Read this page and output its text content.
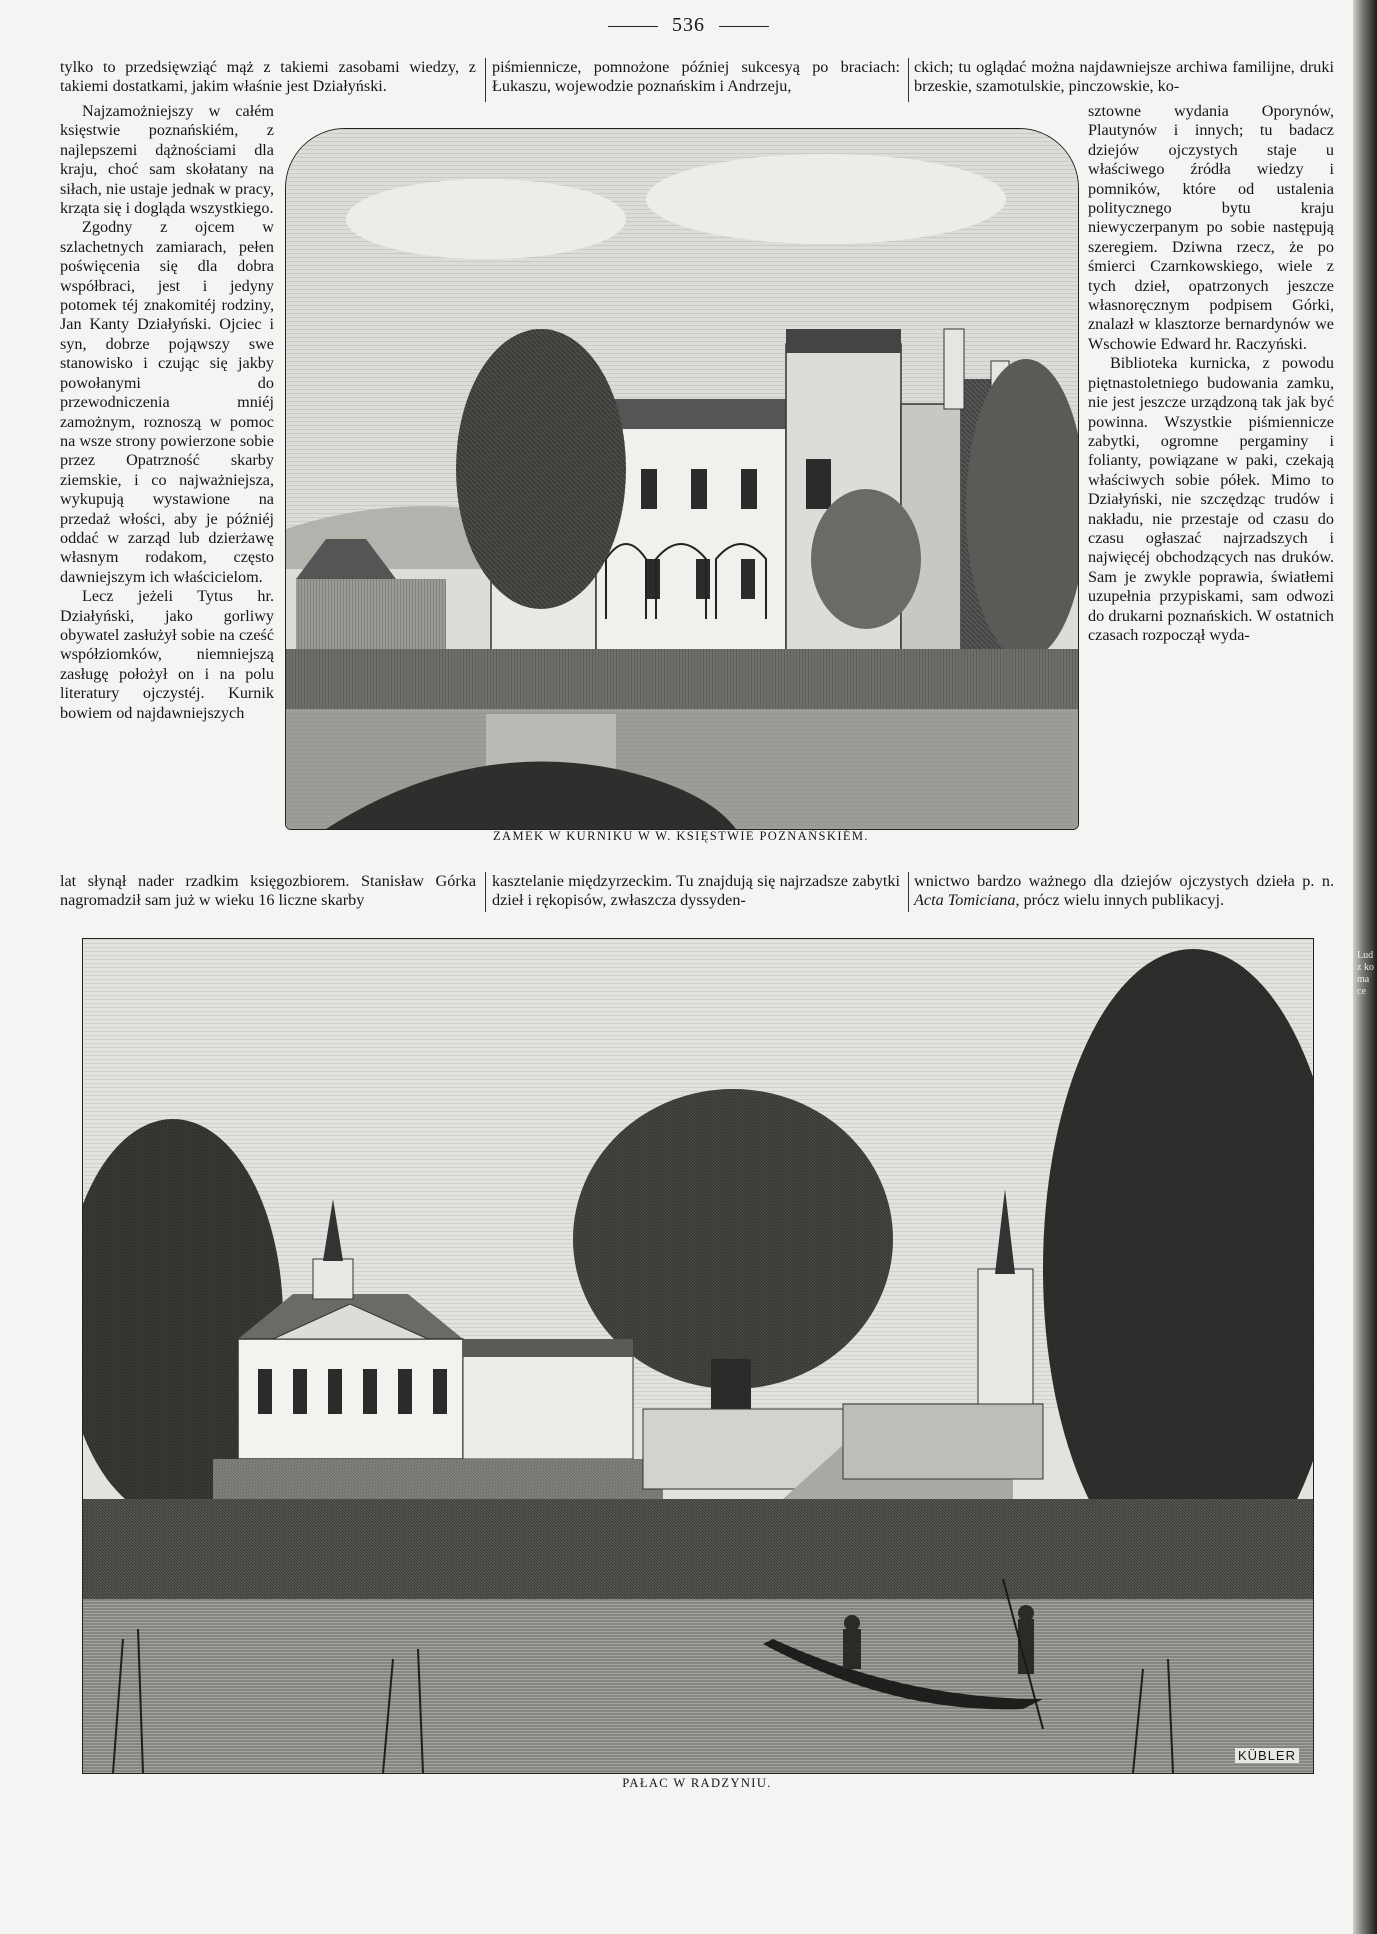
536

tylko to przedsięwziąć mąż z takiemi zasobami wiedzy, z takiemi dostatkami, jakim właśnie jest Działyński.

piśmiennicze, pomnożone później sukcesyą po braciach: Łukaszu, wojewodzie poznańskim i Andrzeju,

ckich; tu oglądać można najdawniejsze archiwa familijne, druki brzeskie, szamotulskie, pinczowskie, ko-

Najzamożniejszy w całém księstwie poznańskiém, z najlepszemi dążnościami dla kraju, choć sam skołatany na siłach, nie ustaje jednak w pracy, krząta się i dogląda wszystkiego.

Zgodny z ojcem w szlachetnych zamiarach, pełen poświęcenia się dla dobra współbraci, jest i jedyny potomek téj znakomitéj rodziny, Jan Kanty Działyński. Ojciec i syn, dobrze pojąwszy swe stanowisko i czując się jakby powołanymi do przewodniczenia mniéj zamożnym, roznoszą w pomoc na wsze strony powierzone sobie przez Opatrzność skarby ziemskie, i co najważniejsza, wykupują wystawione na przedaż włości, aby je późniéj oddać w zarząd lub dzierżawę własnym rodakom, często dawniejszym ich właścicielom.

Lecz jeżeli Tytus hr. Działyński, jako gorliwy obywatel zasłużył sobie na cześć współziomków, niemniejszą zasługę położył on i na polu literatury ojczystéj. Kurnik bowiem od najdawniejszych

ZAMEK W KURNIKU W W. KSIĘSTWIE POZNAŃSKIÉM.

sztowne wydania Oporynów, Plautynów i innych; tu badacz dziejów ojczystych staje u właściwego źródła wiedzy i pomników, które od ustalenia politycznego bytu kraju niewyczerpanym po sobie następują szeregiem. Dziwna rzecz, że po śmierci Czarnkowskiego, wiele z tych dzieł, opatrzonych jeszcze własnoręcznym podpisem Górki, znalazł w klasztorze bernardynów we Wschowie Edward hr. Raczyński.

Biblioteka kurnicka, z powodu piętnastoletniego budowania zamku, nie jest jeszcze urządzoną tak jak być powinna. Wszystkie piśmiennicze zabytki, ogromne pergaminy i folianty, powiązane w paki, czekają właściwych sobie półek. Mimo to Działyński, nie szczędząc trudów i nakładu, nie przestaje od czasu do czasu ogłaszać najrzadszych i najwięcéj obchodzących nas druków. Sam je zwykle poprawia, światłemi uzupełnia przypiskami, sam odwozi do drukarni poznańskich. W ostatnich czasach rozpoczął wyda-

lat słynął nader rzadkim księgozbiorem. Stanisław Górka nagromadził sam już w wieku 16 liczne skarby

kasztelanie międzyrzeckim. Tu znajdują się najrzadsze zabytki dzieł i rękopisów, zwłaszcza dyssyden-

wnictwo bardzo ważnego dla dziejów ojczystych dzieła p. n. Acta Tomiciana, prócz wielu innych publikacyj.

KÜBLER
PAŁAC W RADZYNIU.
Ludz ko ma ce
